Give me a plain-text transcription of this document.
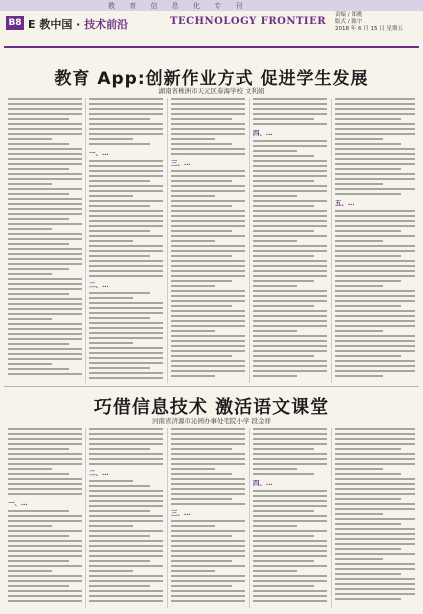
教 育 信 息 化 专 刊
B8 E 教中国 · 技术前沿	TECHNOLOGY FRONTIER
责编 / 郑桃
版式 / 陈宇
2018 年 6 月 15 日 星期五
教育 App:创新作业方式 促进学生发展
湖南省株洲市天元区泰海学校 文利娟
一、…
二、…
三、…
四、…
五、…
巧借信息技术 激活语文课堂
河南省济源市沁园办事处宅院小学 段金祥
一、…
二、…
三、…
四、…
